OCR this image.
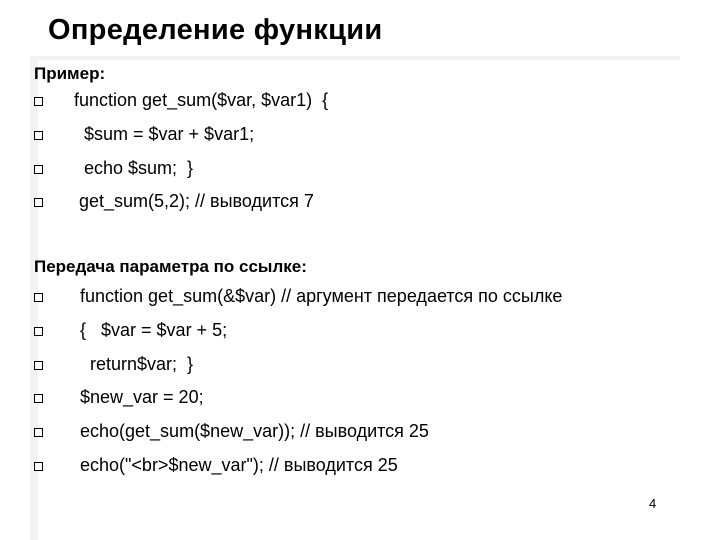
Определение функции
Пример:
function get_sum($var, $var1)  {
$sum = $var + $var1;
echo $sum;  }
get_sum(5,2); // выводится 7
Передача параметра по ссылке:
function get_sum(&$var) // аргумент передается по ссылке
{   $var = $var + 5;
return$var;  }
$new_var = 20;
echo(get_sum($new_var)); // выводится 25
echo("<br>$new_var"); // выводится 25
4
